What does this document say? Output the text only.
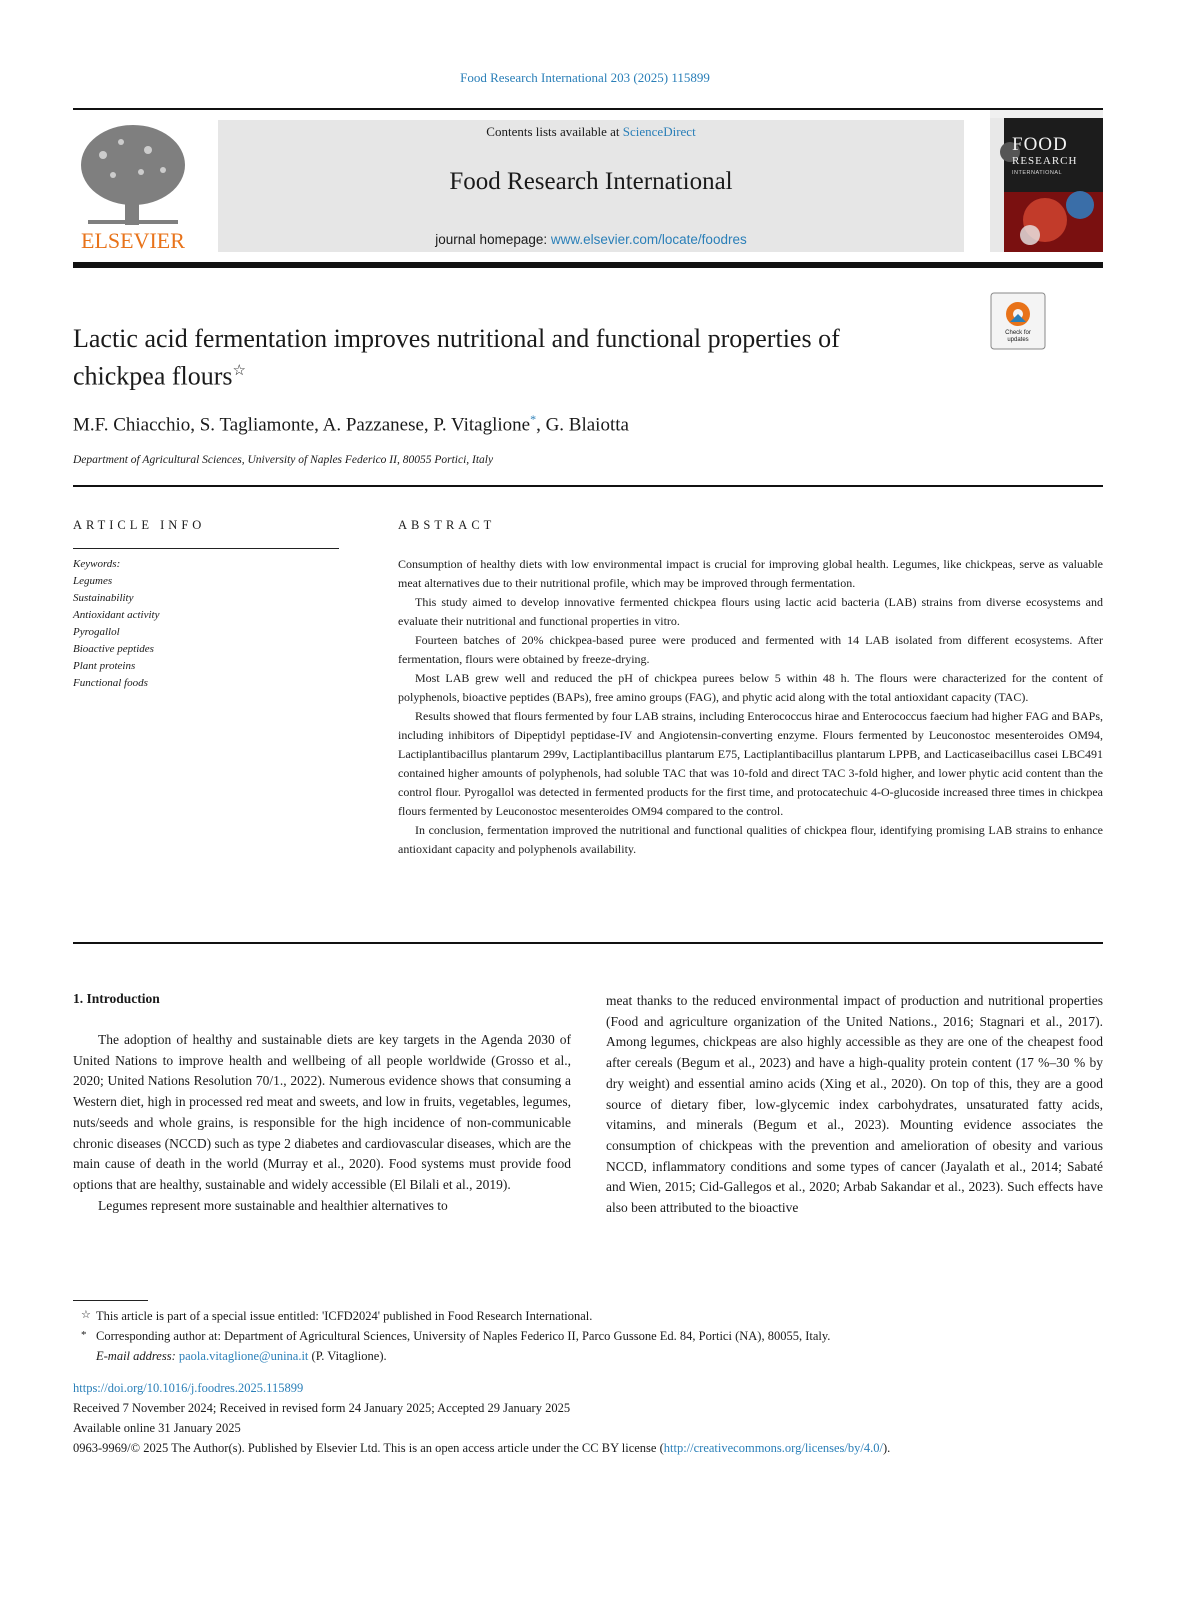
Food Research International 203 (2025) 115899
ELSEVIER
Contents lists available at ScienceDirect
Food Research International
journal homepage: www.elsevier.com/locate/foodres
FOOD
RESEARCH
INTERNATIONAL
Check for updates
Lactic acid fermentation improves nutritional and functional properties of
chickpea flours☆
M.F. Chiacchio, S. Tagliamonte, A. Pazzanese, P. Vitaglione*, G. Blaiotta
Department of Agricultural Sciences, University of Naples Federico II, 80055 Portici, Italy
ARTICLE INFO	ABSTRACT
Keywords:
Legumes
Sustainability
Antioxidant activity
Pyrogallol
Bioactive peptides
Plant proteins
Functional foods

Consumption of healthy diets with low environmental impact is crucial for improving global health. Legumes, like chickpeas, serve as valuable meat alternatives due to their nutritional profile, which may be improved through fermentation.

This study aimed to develop innovative fermented chickpea flours using lactic acid bacteria (LAB) strains from diverse ecosystems and evaluate their nutritional and functional properties in vitro.

Fourteen batches of 20% chickpea-based puree were produced and fermented with 14 LAB isolated from different ecosystems. After fermentation, flours were obtained by freeze-drying.

Most LAB grew well and reduced the pH of chickpea purees below 5 within 48 h. The flours were characterized for the content of polyphenols, bioactive peptides (BAPs), free amino groups (FAG), and phytic acid along with the total antioxidant capacity (TAC).

Results showed that flours fermented by four LAB strains, including Enterococcus hirae and Enterococcus faecium had higher FAG and BAPs, including inhibitors of Dipeptidyl peptidase-IV and Angiotensin-converting enzyme. Flours fermented by Leuconostoc mesenteroides OM94, Lactiplantibacillus plantarum 299v, Lactiplantibacillus plantarum E75, Lactiplantibacillus plantarum LPPB, and Lacticaseibacillus casei LBC491 contained higher amounts of polyphenols, had soluble TAC that was 10-fold and direct TAC 3-fold higher, and lower phytic acid content than the control flour. Pyrogallol was detected in fermented products for the first time, and protocatechuic 4-O-glucoside increased three times in chickpea flours fermented by Leuconostoc mesenteroides OM94 compared to the control.

In conclusion, fermentation improved the nutritional and functional qualities of chickpea flour, identifying promising LAB strains to enhance antioxidant capacity and polyphenols availability.

1. Introduction

The adoption of healthy and sustainable diets are key targets in the Agenda 2030 of United Nations to improve health and wellbeing of all people worldwide (Grosso et al., 2020; United Nations Resolution 70/1., 2022). Numerous evidence shows that consuming a Western diet, high in processed red meat and sweets, and low in fruits, vegetables, legumes, nuts/seeds and whole grains, is responsible for the high incidence of non-communicable chronic diseases (NCCD) such as type 2 diabetes and cardiovascular diseases, which are the main cause of death in the world (Murray et al., 2020). Food systems must provide food options that are healthy, sustainable and widely accessible (El Bilali et al., 2019).

Legumes represent more sustainable and healthier alternatives to

meat thanks to the reduced environmental impact of production and nutritional properties (Food and agriculture organization of the United Nations., 2016; Stagnari et al., 2017). Among legumes, chickpeas are also highly accessible as they are one of the cheapest food after cereals (Begum et al., 2023) and have a high-quality protein content (17 %–30 % by dry weight) and essential amino acids (Xing et al., 2020). On top of this, they are a good source of dietary fiber, low-glycemic index carbohydrates, unsaturated fatty acids, vitamins, and minerals (Begum et al., 2023). Mounting evidence associates the consumption of chickpeas with the prevention and amelioration of obesity and various NCCD, inflammatory conditions and some types of cancer (Jayalath et al., 2014; Sabaté and Wien, 2015; Cid-Gallegos et al., 2020; Arbab Sakandar et al., 2023). Such effects have also been attributed to the bioactive

☆ This article is part of a special issue entitled: 'ICFD2024' published in Food Research International.
* Corresponding author at: Department of Agricultural Sciences, University of Naples Federico II, Parco Gussone Ed. 84, Portici (NA), 80055, Italy.
E-mail address: paola.vitaglione@unina.it (P. Vitaglione).
https://doi.org/10.1016/j.foodres.2025.115899
Received 7 November 2024; Received in revised form 24 January 2025; Accepted 29 January 2025
Available online 31 January 2025
0963-9969/© 2025 The Author(s). Published by Elsevier Ltd. This is an open access article under the CC BY license (http://creativecommons.org/licenses/by/4.0/).
